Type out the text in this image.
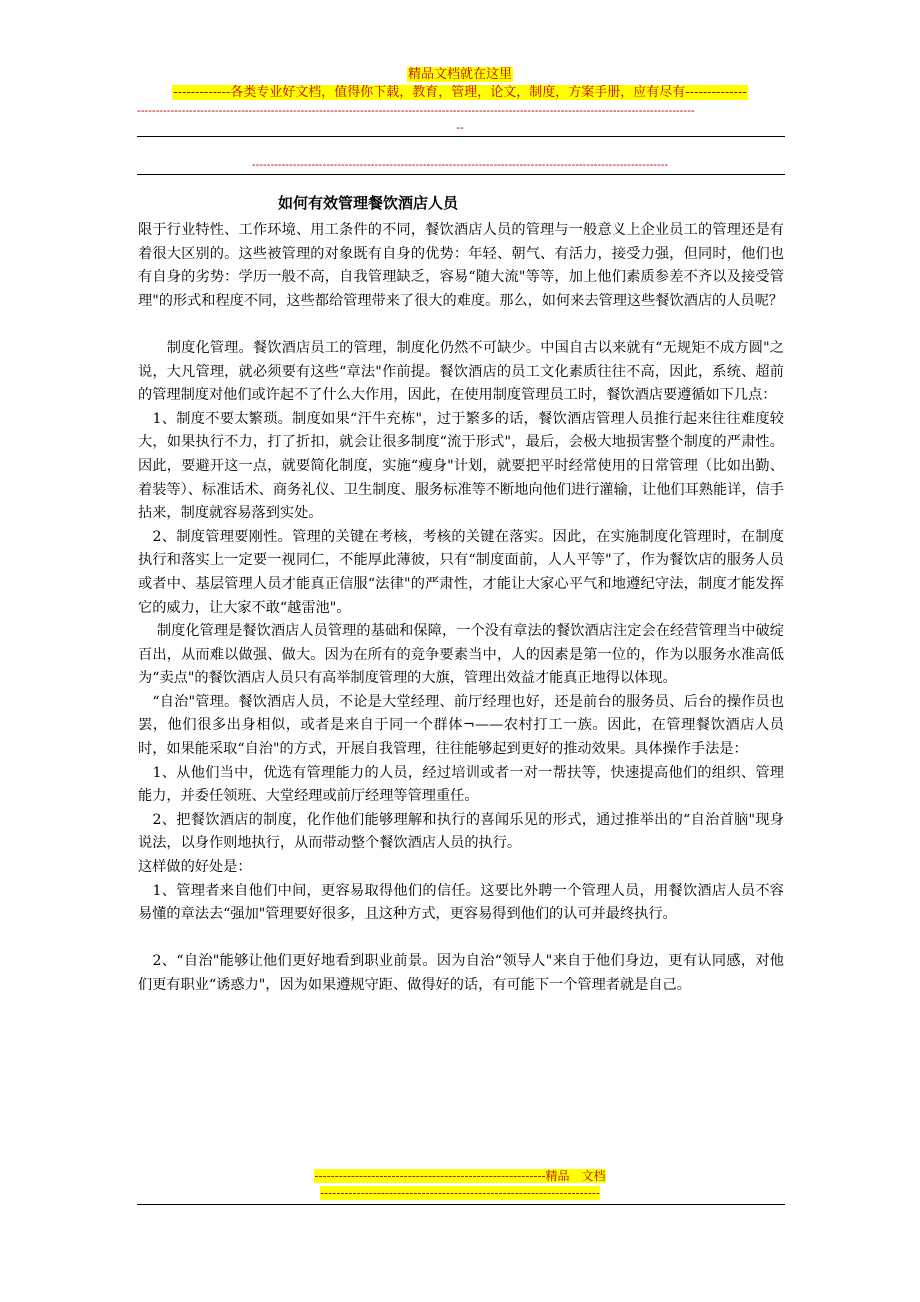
精品文档就在这里
-------------各类专业好文档，值得你下载，教育，管理，论文，制度，方案手册，应有尽有--------------
------------------------------------------------------------------------------------------------------------------------------------------------------
--
----------------------------------------------------------------------------------------------------------------
如何有效管理餐饮酒店人员

限于行业特性、工作环境、用工条件的不同，餐饮酒店人员的管理与一般意义上企业员工的管理还是有着很大区别的。这些被管理的对象既有自身的优势：年轻、朝气、有活力，接受力强，但同时，他们也有自身的劣势：学历一般不高，自我管理缺乏，容易“随大流"等等，加上他们素质参差不齐以及接受管理"的形式和程度不同，这些都给管理带来了很大的难度。那么，如何来去管理这些餐饮酒店的人员呢？

　　制度化管理。餐饮酒店员工的管理，制度化仍然不可缺少。中国自古以来就有“无规矩不成方圆"之说，大凡管理，就必须要有这些“章法"作前提。餐饮酒店的员工文化素质往往不高，因此，系统、超前的管理制度对他们或许起不了什么大作用，因此，在使用制度管理员工时，餐饮酒店要遵循如下几点：

　1、制度不要太繁琐。制度如果“汗牛充栋"，过于繁多的话，餐饮酒店管理人员推行起来往往难度较大，如果执行不力，打了折扣，就会让很多制度“流于形式"，最后，会极大地损害整个制度的严肃性。因此，要避开这一点，就要简化制度，实施“瘦身"计划，就要把平时经常使用的日常管理（比如出勤、着装等）、标准话术、商务礼仪、卫生制度、服务标准等不断地向他们进行灌输，让他们耳熟能详，信手拈来，制度就容易落到实处。

　2、制度管理要刚性。管理的关键在考核，考核的关键在落实。因此，在实施制度化管理时，在制度执行和落实上一定要一视同仁，不能厚此薄彼，只有“制度面前，人人平等"了，作为餐饮店的服务人员或者中、基层管理人员才能真正信服“法律"的严肃性，才能让大家心平气和地遵纪守法，制度才能发挥它的威力，让大家不敢“越雷池"。

　 制度化管理是餐饮酒店人员管理的基础和保障，一个没有章法的餐饮酒店注定会在经营管理当中破绽百出，从而难以做强、做大。因为在所有的竞争要素当中，人的因素是第一位的，作为以服务水准高低为“卖点"的餐饮酒店人员只有高举制度管理的大旗，管理出效益才能真正地得以体现。

　“自治"管理。餐饮酒店人员，不论是大堂经理、前厅经理也好，还是前台的服务员、后台的操作员也罢，他们很多出身相似，或者是来自于同一个群体¬——农村打工一族。因此，在管理餐饮酒店人员时，如果能采取“自治"的方式，开展自我管理，往往能够起到更好的推动效果。具体操作手法是：

　1、从他们当中，优选有管理能力的人员，经过培训或者一对一帮扶等，快速提高他们的组织、管理能力，并委任领班、大堂经理或前厅经理等管理重任。

　2、把餐饮酒店的制度，化作他们能够理解和执行的喜闻乐见的形式，通过推举出的“自治首脑"现身说法，以身作则地执行，从而带动整个餐饮酒店人员的执行。

这样做的好处是：

　1、管理者来自他们中间，更容易取得他们的信任。这要比外聘一个管理人员，用餐饮酒店人员不容易懂的章法去“强加"管理要好很多，且这种方式，更容易得到他们的认可并最终执行。

　2、“自治"能够让他们更好地看到职业前景。因为自治“领导人"来自于他们身边，更有认同感，对他们更有职业“诱惑力"，因为如果遵规守距、做得好的话，有可能下一个管理者就是自己。

---------------------------------------------------------精品　文档
---------------------------------------------------------------------
